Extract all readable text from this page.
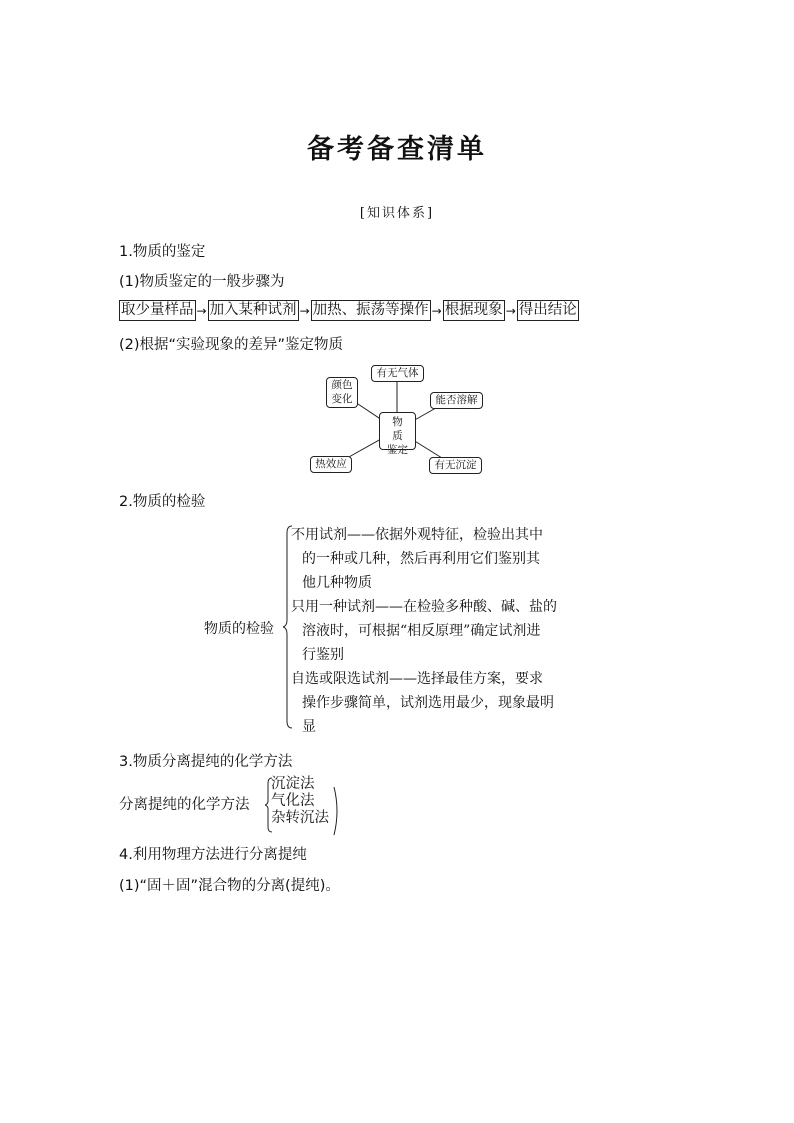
备考备查清单
[知识体系]
1.物质的鉴定
(1)物质鉴定的一般步骤为
取少量样品 → 加入某种试剂 → 加热、振荡等操作 → 根据现象 → 得出结论
(2)根据“实验现象的差异”鉴定物质
物
质
鉴定
有无气体
颜色变化	能否溶解
热效应	有无沉淀
2.物质的检验
物质的检验
不用试剂——依据外观特征，检验出其中
的一种或几种，然后再利用它们鉴别其
他几种物质
只用一种试剂——在检验多种酸、碱、盐的
溶液时，可根据“相反原理”确定试剂进
行鉴别
自选或限选试剂——选择最佳方案，要求
操作步骤简单，试剂选用最少，现象最明
显
3.物质分离提纯的化学方法
分离提纯的化学方法
沉淀法
气化法
杂转沉法
4.利用物理方法进行分离提纯
(1)“固＋固”混合物的分离(提纯)。
